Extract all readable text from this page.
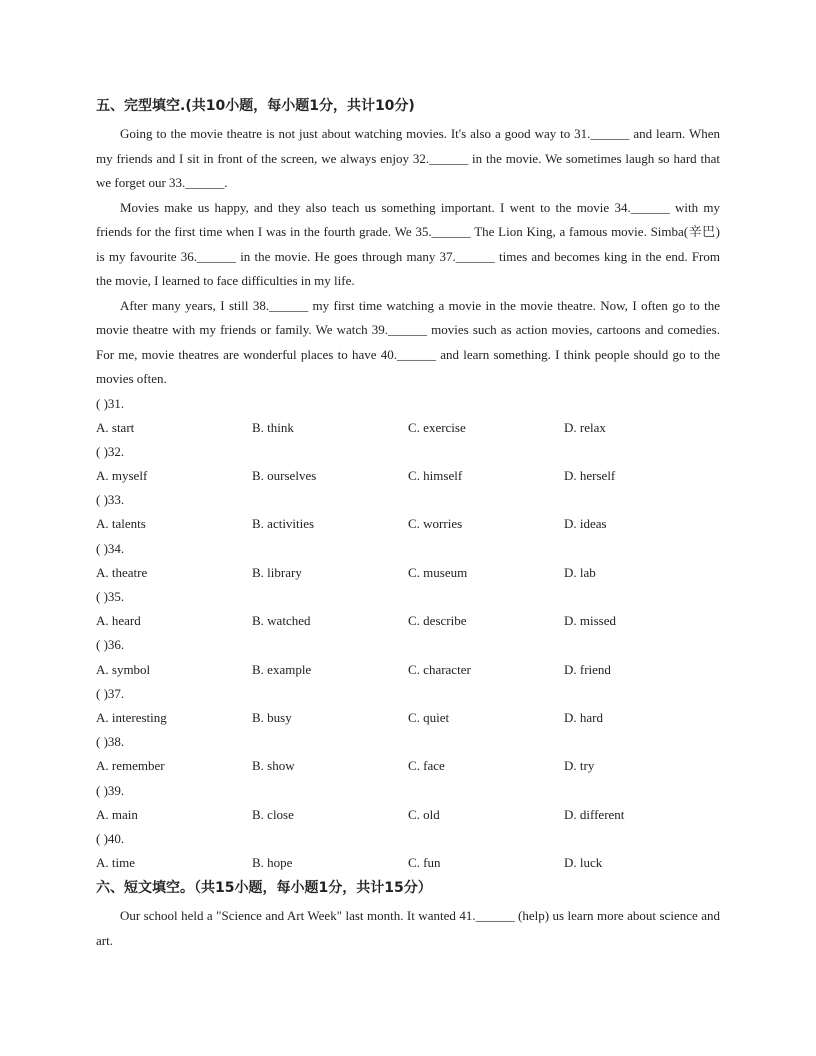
五、完型填空.(共10小题，每小题1分，共计10分)

Going to the movie theatre is not just about watching movies. It's also a good way to 31.______ and learn. When my friends and I sit in front of the screen, we always enjoy 32.______ in the movie. We sometimes laugh so hard that we forget our 33.______.

Movies make us happy, and they also teach us something important. I went to the movie 34.______ with my friends for the first time when I was in the fourth grade. We 35.______ The Lion King, a famous movie. Simba(辛巴) is my favourite 36.______ in the movie. He goes through many 37.______ times and becomes king in the end. From the movie, I learned to face difficulties in my life.

After many years, I still 38.______ my first time watching a movie in the movie theatre. Now, I often go to the movie theatre with my friends or family. We watch 39.______ movies such as action movies, cartoons and comedies. For me, movie theatres are wonderful places to have 40.______ and learn something. I think people should go to the movies often.

( )31.
A. start	B. think	C. exercise	D. relax
( )32.
A. myself	B. ourselves	C. himself	D. herself
( )33.
A. talents	B. activities	C. worries	D. ideas
( )34.
A. theatre	B. library	C. museum	D. lab
( )35.
A. heard	B. watched	C. describe	D. missed
( )36.
A. symbol	B. example	C. character	D. friend
( )37.
A. interesting	B. busy	C. quiet	D. hard
( )38.
A. remember	B. show	C. face	D. try
( )39.
A. main	B. close	C. old	D. different
( )40.
A. time	B. hope	C. fun	D. luck
六、短文填空。（共15小题，每小题1分，共计15分）

Our school held a "Science and Art Week" last month. It wanted 41.______ (help) us learn more about science and art.
